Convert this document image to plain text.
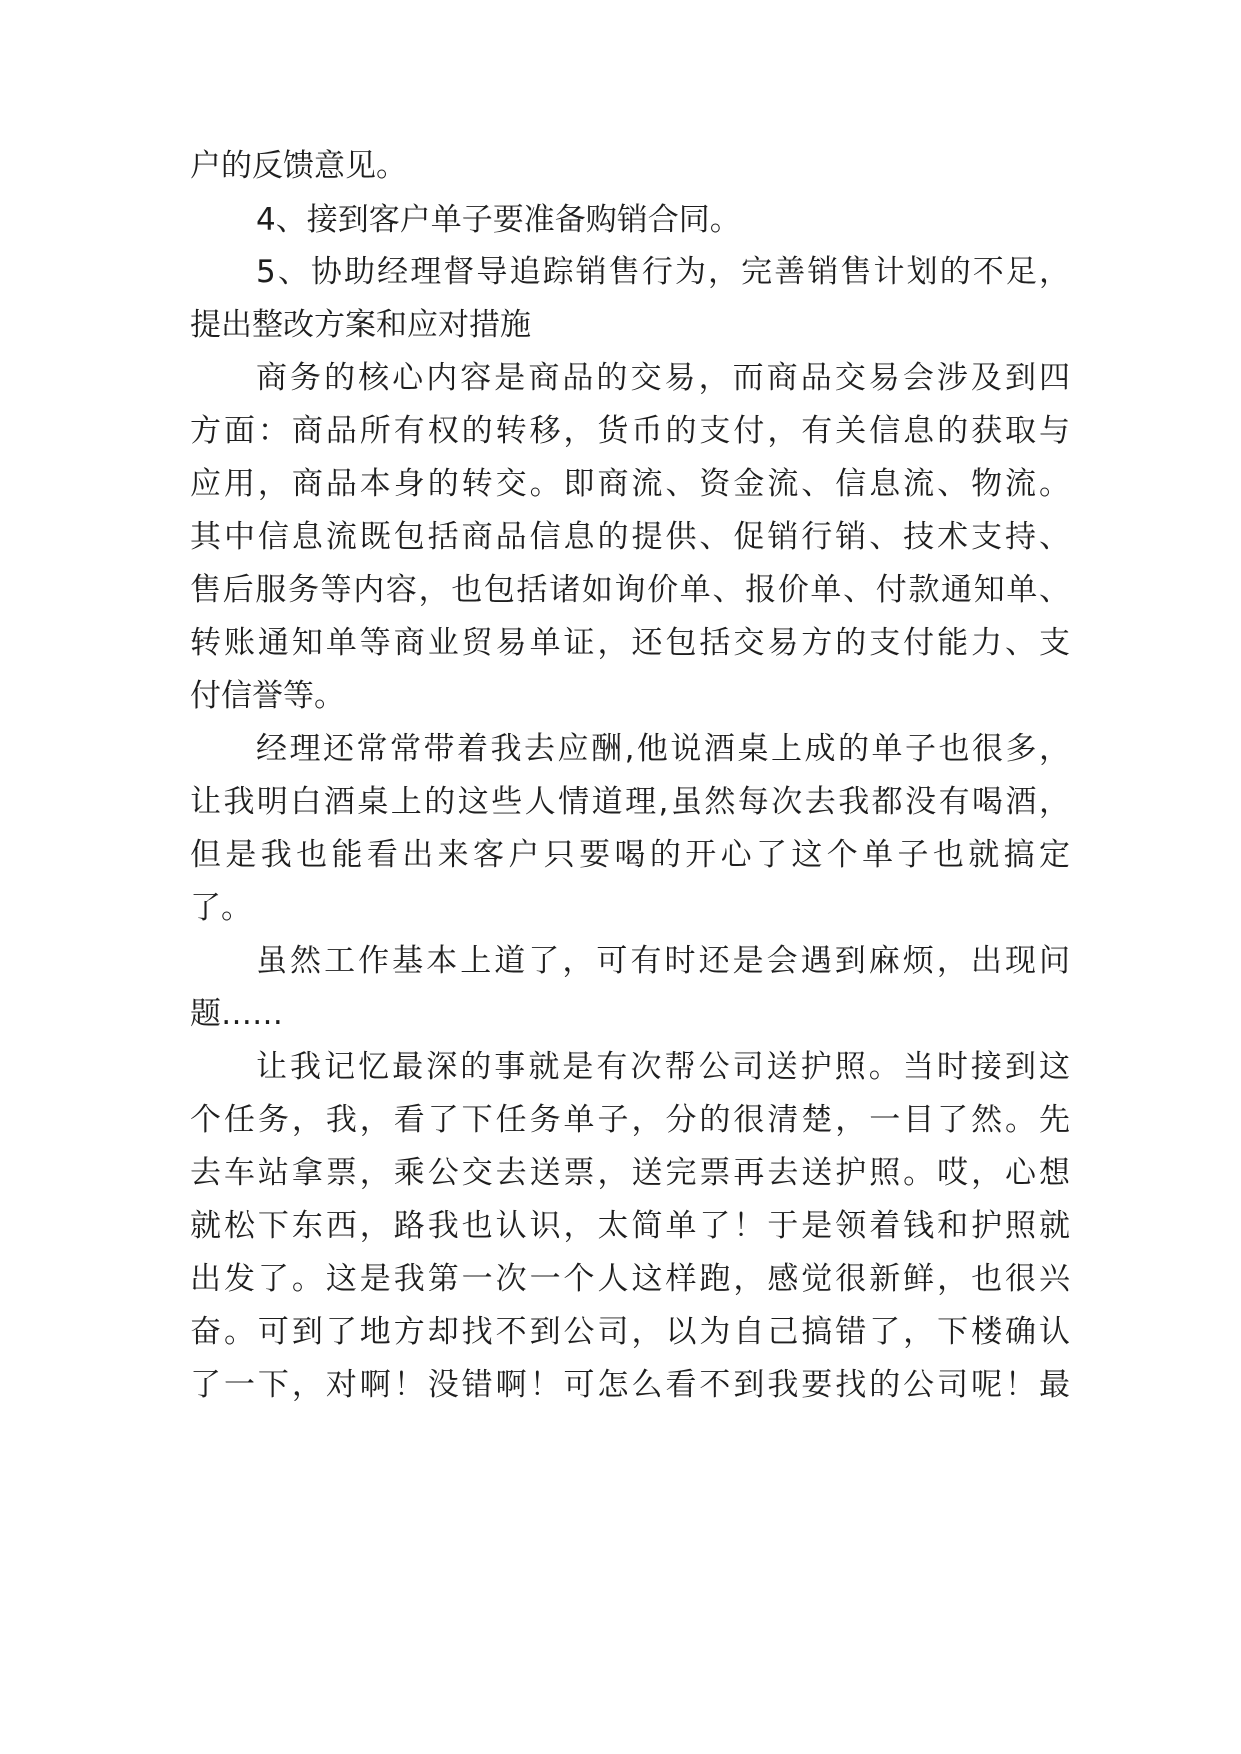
户的反馈意见。
4、接到客户单子要准备购销合同。
5、协助经理督导追踪销售行为，完善销售计划的不足，
提出整改方案和应对措施
商务的核心内容是商品的交易，而商品交易会涉及到四
方面：商品所有权的转移，货币的支付，有关信息的获取与
应用，商品本身的转交。即商流、资金流、信息流、物流。
其中信息流既包括商品信息的提供、促销行销、技术支持、
售后服务等内容，也包括诸如询价单、报价单、付款通知单、
转账通知单等商业贸易单证，还包括交易方的支付能力、支
付信誉等。
经理还常常带着我去应酬,他说酒桌上成的单子也很多，
让我明白酒桌上的这些人情道理,虽然每次去我都没有喝酒，
但是我也能看出来客户只要喝的开心了这个单子也就搞定
了。
虽然工作基本上道了，可有时还是会遇到麻烦，出现问
题……
让我记忆最深的事就是有次帮公司送护照。当时接到这
个任务，我，看了下任务单子，分的很清楚，一目了然。先
去车站拿票，乘公交去送票，送完票再去送护照。哎，心想
就松下东西，路我也认识，太简单了！于是领着钱和护照就
出发了。这是我第一次一个人这样跑，感觉很新鲜，也很兴
奋。可到了地方却找不到公司，以为自己搞错了，下楼确认
了一下，对啊！没错啊！可怎么看不到我要找的公司呢！最
